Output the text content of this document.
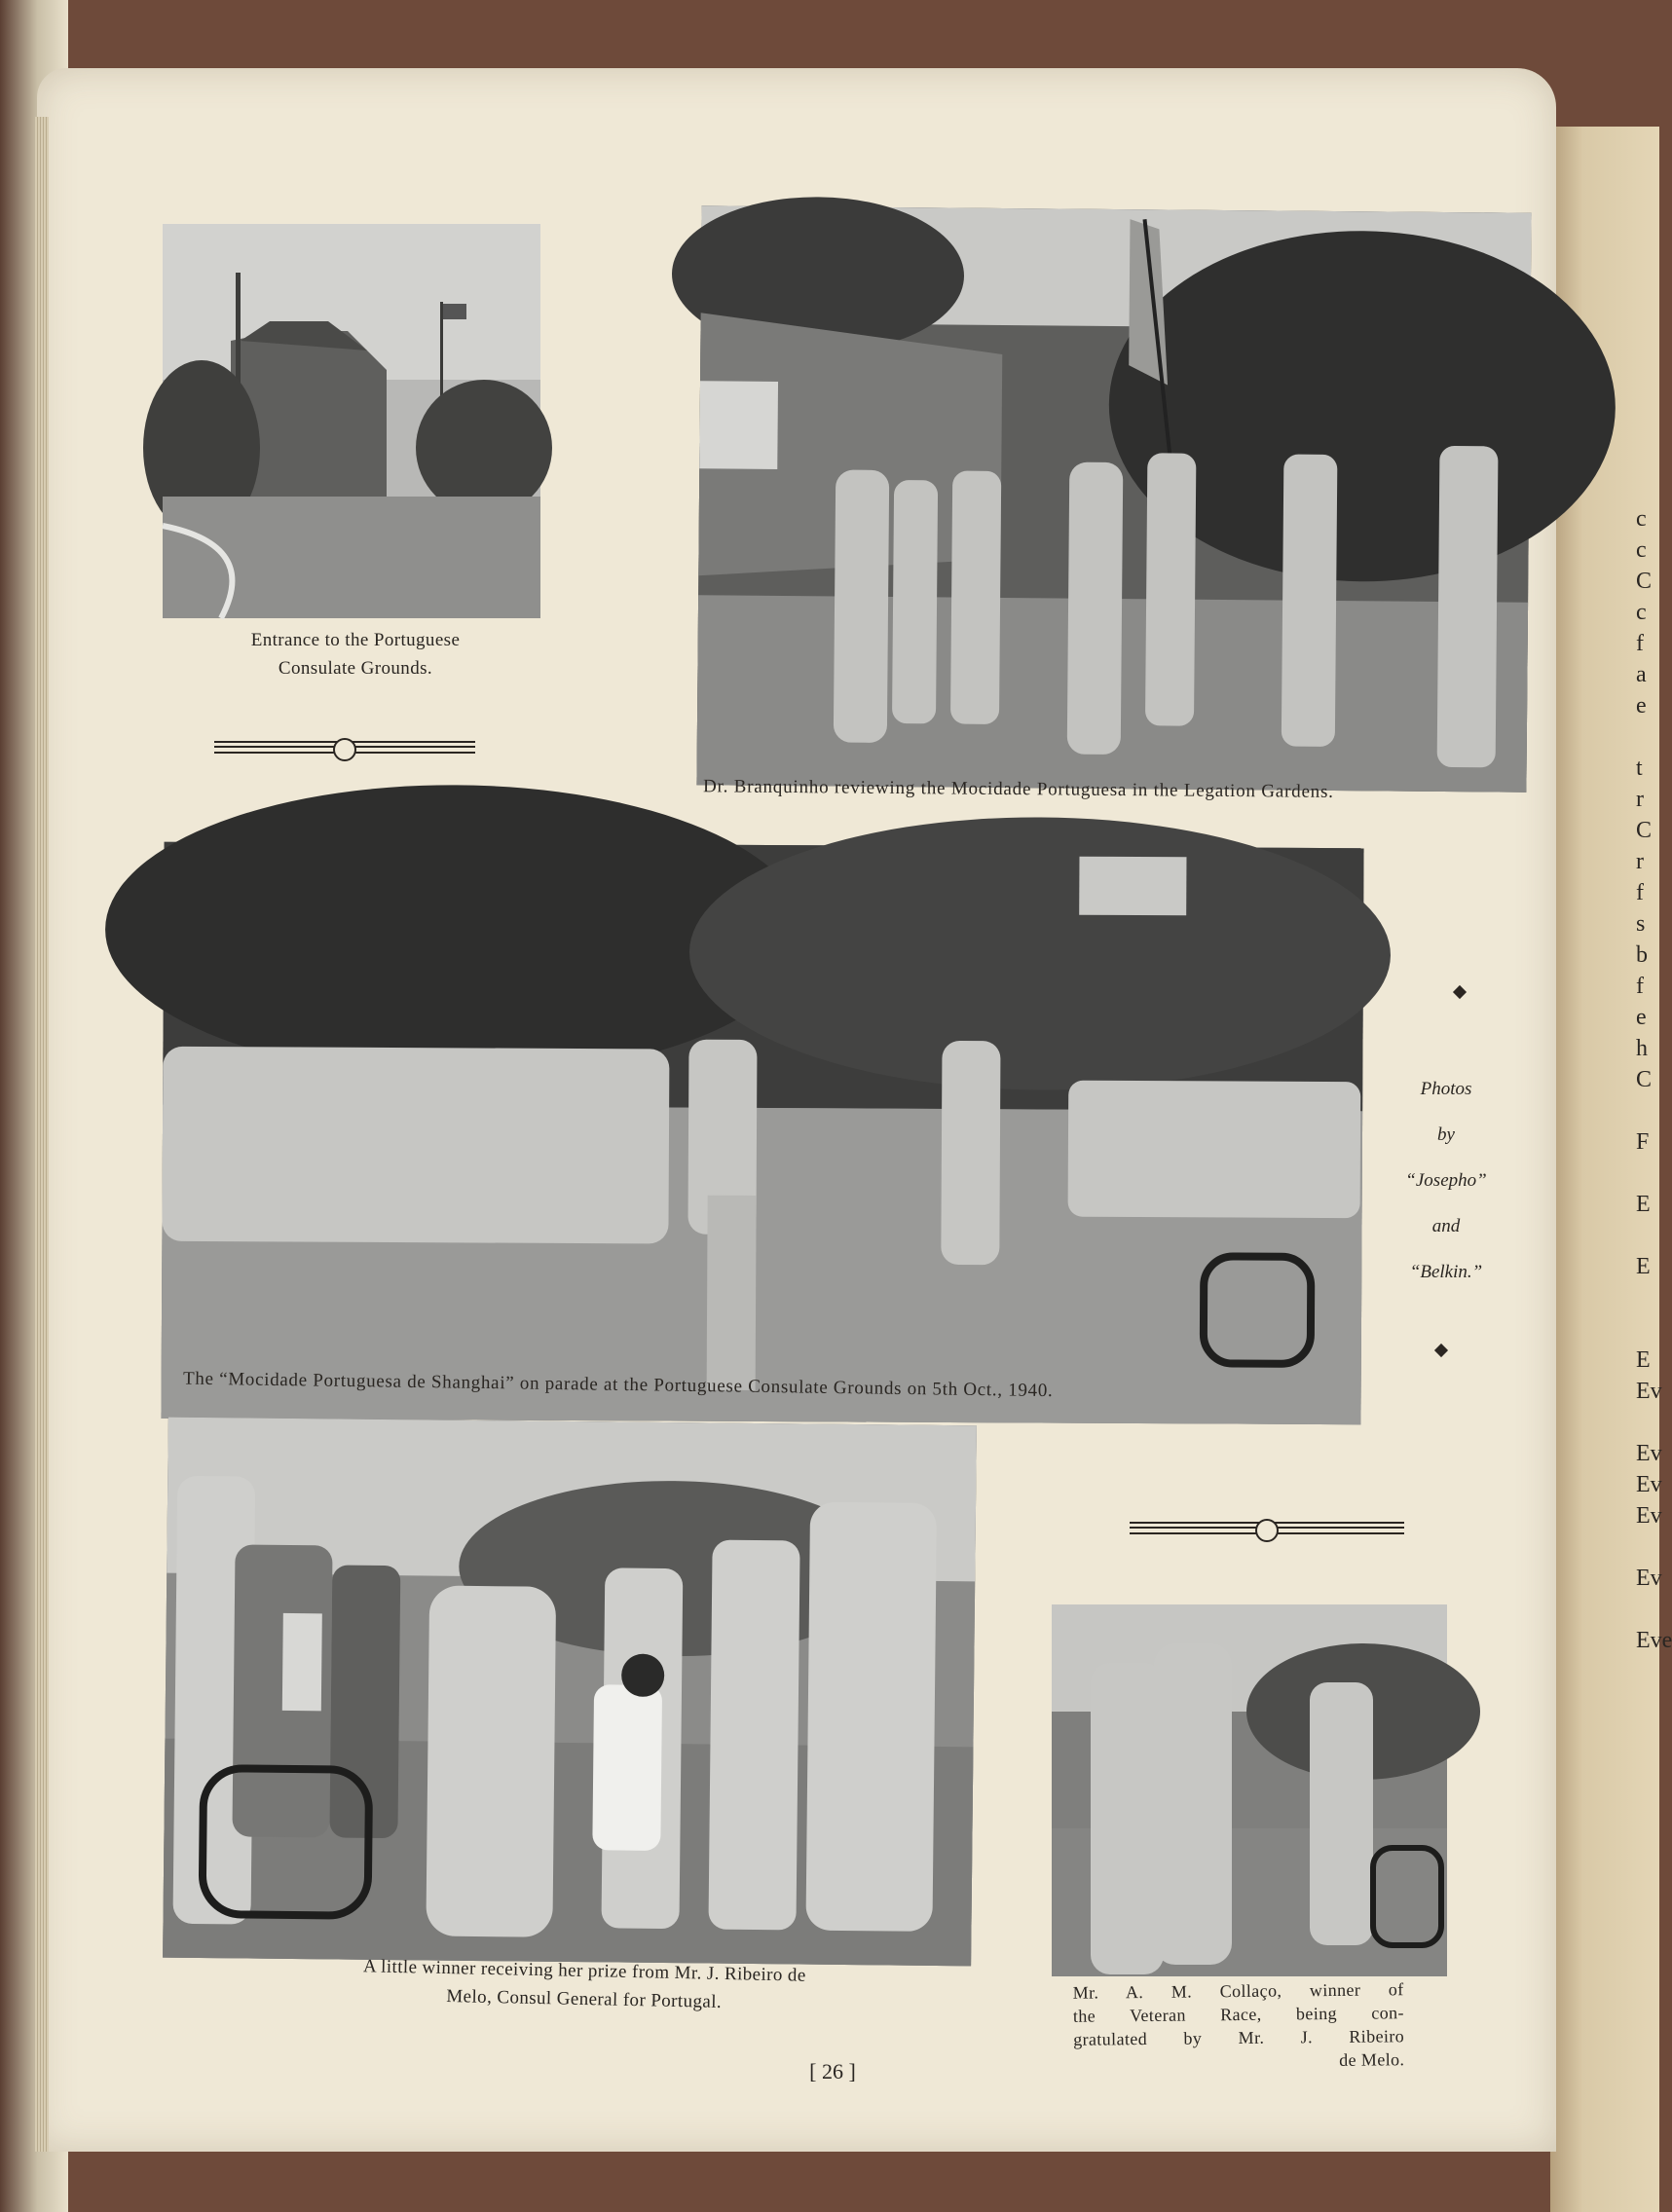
Entrance to the Portuguese
Consulate Grounds.
Dr. Branquinho reviewing the Mocidade Portuguesa in the Legation Gardens.
The “Mocidade Portuguesa de Shanghai” on parade at the Portuguese Consulate Grounds on 5th Oct., 1940.
Photos
by
“Josepho”
and
“Belkin.”
A little winner receiving her prize from Mr. J. Ribeiro de
Melo, Consul General for Portugal.	Mr. A. M. Collaço, winner of
the Veteran Race, being con-
gratulated by Mr. J. Ribeiro
de Melo.
[ 26 ]
c
c
C
c
f
a
e
t
r
C
r
f
s
b
f
e
h
C
F
E
E
E
Ev
Ev
Ev
Ev
Ev
Eve
